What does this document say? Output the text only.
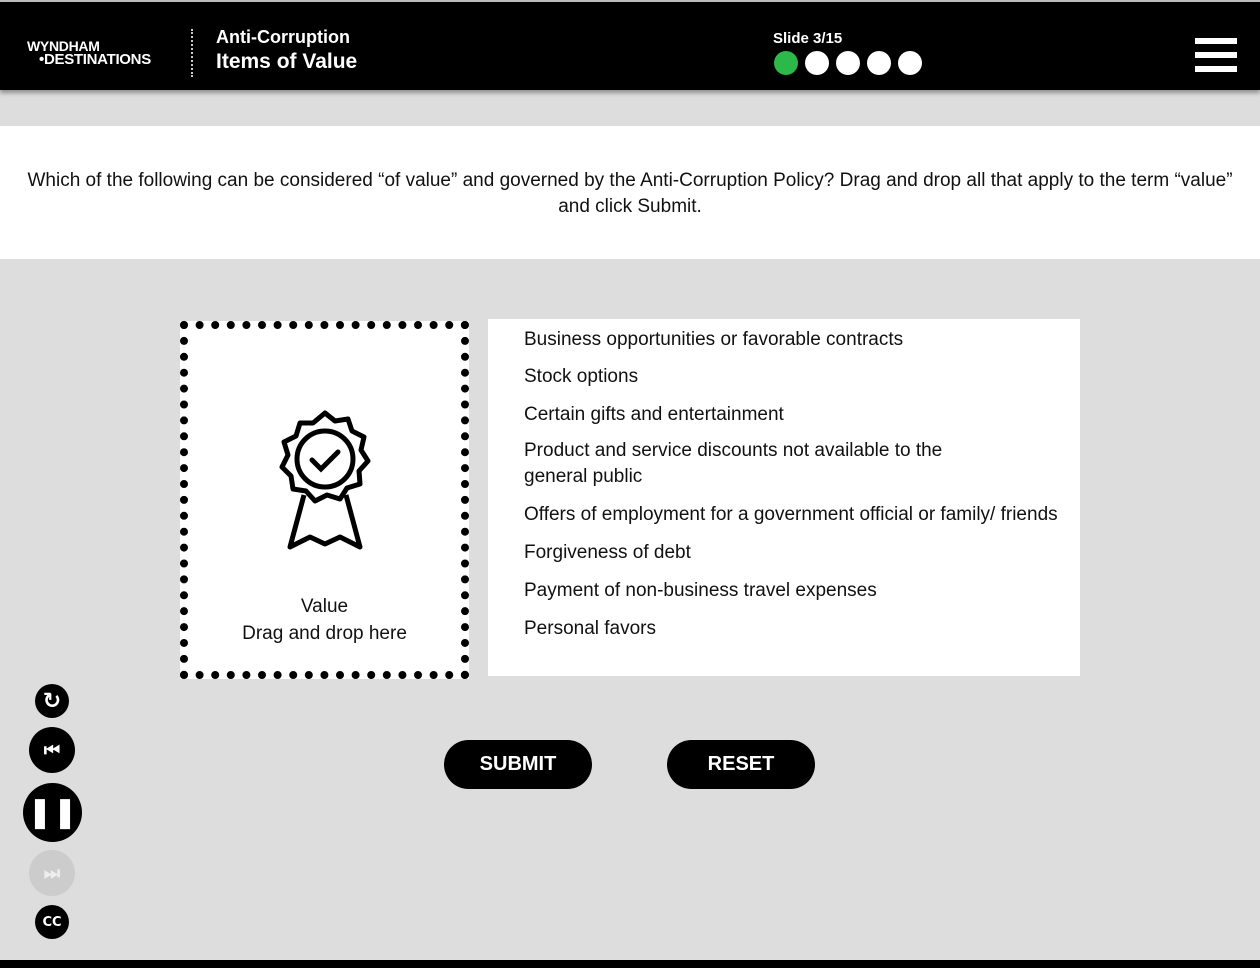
WYNDHAM
•DESTINATIONS
Anti-Corruption
Items of Value
Slide 3/15
Which of the following can be considered “of value” and governed by the Anti-Corruption Policy? Drag and drop all that apply to the term “value” and click Submit.
Value
Drag and drop here
Business opportunities or favorable contracts
Stock options
Certain gifts and entertainment
Product and service discounts not available to the general public
Offers of employment for a government official or family/ friends
Forgiveness of debt
Payment of non-business travel expenses
Personal favors
SUBMIT	RESET
↻
⏮
❚❚
⏭
CC
